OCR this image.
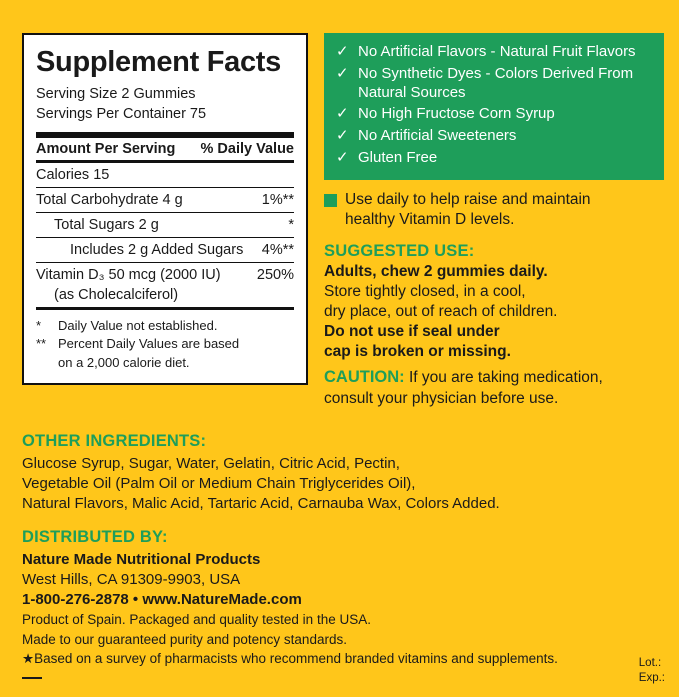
Supplement Facts
Serving Size 2 Gummies
Servings Per Container 75
Amount Per Serving % Daily Value
Calories 15
Total Carbohydrate 4 g	1%**
Total Sugars 2 g	*
Includes 2 g Added Sugars 4%**
Vitamin D₃ 50 mcg (2000 IU)	250%
(as Cholecalciferol)
*	Daily Value not established.
** Percent Daily Values are based
on a 2,000 calorie diet.
✓ No Artificial Flavors - Natural Fruit Flavors
✓ No Synthetic Dyes - Colors Derived From Natural Sources
✓ No High Fructose Corn Syrup
✓ No Artificial Sweeteners
✓ Gluten Free
Use daily to help raise and maintain
healthy Vitamin D levels.
SUGGESTED USE:
Adults, chew 2 gummies daily.
Store tightly closed, in a cool,
dry place, out of reach of children.
Do not use if seal under
cap is broken or missing.
CAUTION: If you are taking medication,
consult your physician before use.
OTHER INGREDIENTS:
Glucose Syrup, Sugar, Water, Gelatin, Citric Acid, Pectin,
Vegetable Oil (Palm Oil or Medium Chain Triglycerides Oil),
Natural Flavors, Malic Acid, Tartaric Acid, Carnauba Wax, Colors Added.
DISTRIBUTED BY:
Nature Made Nutritional Products
West Hills, CA 91309-9903, USA
1-800-276-2878 • www.NatureMade.com
Product of Spain. Packaged and quality tested in the USA.
Made to our guaranteed purity and potency standards.
★Based on a survey of pharmacists who recommend branded vitamins and supplements.	Lot.:
Exp.:
